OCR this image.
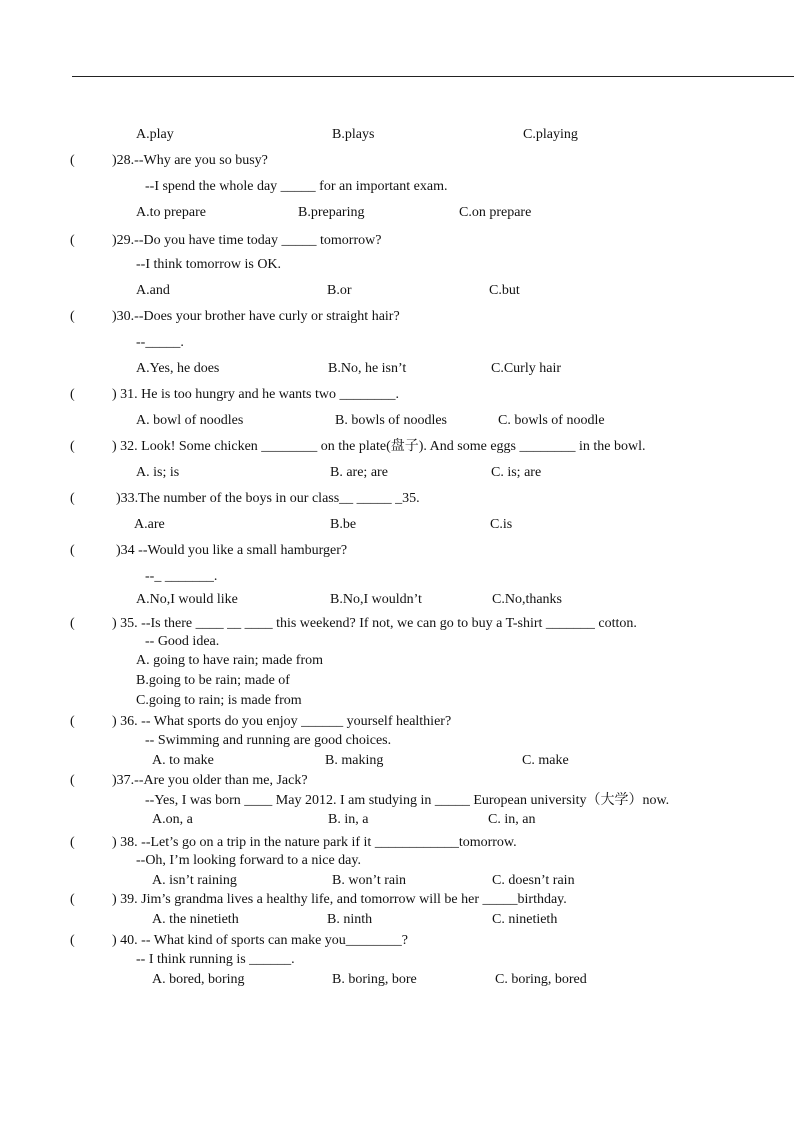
(
(
(
(
(
(
(
(
(
(
(
(
(
A.play	B.plays	C.playing
)28.--Why are you so busy?
--I spend the whole day _____ for an important exam.
A.to prepare	B.preparing	C.on prepare
)29.--Do you have time today _____ tomorrow?
--I think tomorrow is OK.
A.and	B.or	C.but
)30.--Does your brother have curly or straight hair?
--_____.
A.Yes, he does	B.No, he isn’t	C.Curly hair
) 31. He is too hungry and he wants two ________.
A. bowl of noodles	B. bowls of noodles	C. bowls of noodle
) 32. Look! Some chicken ________ on the plate(盘子). And some eggs ________ in the bowl.
A. is; is	B. are; are	C. is; are
)33.The number of the boys in our class__ _____ _35.
A.are	B.be	C.is
)34 --Would you like a small hamburger?
--_ _______.
A.No,I would like	B.No,I wouldn’t	C.No,thanks
) 35. --Is there ____ __ ____ this weekend? If not, we can go to buy a T-shirt _______ cotton.
-- Good idea.
A. going to have rain; made from
B.going to be rain; made of
C.going to rain; is made from
) 36. -- What sports do you enjoy ______ yourself healthier?
-- Swimming and running are good choices.
A. to make	B. making	C. make
)37.--Are you older than me, Jack?
--Yes, I was born ____ May 2012. I am studying in _____ European university（大学）now.
A.on, a	B. in, a	C. in, an
) 38. --Let’s go on a trip in the nature park if it ____________tomorrow.
--Oh, I’m looking forward to a nice day.
A. isn’t raining	B. won’t rain	C. doesn’t rain
) 39. Jim’s grandma lives a healthy life, and tomorrow will be her _____birthday.
A. the ninetieth	B. ninth	C. ninetieth
) 40. -- What kind of sports can make you________?
-- I think running is ______.
A. bored, boring	B. boring, bore	C. boring, bored
